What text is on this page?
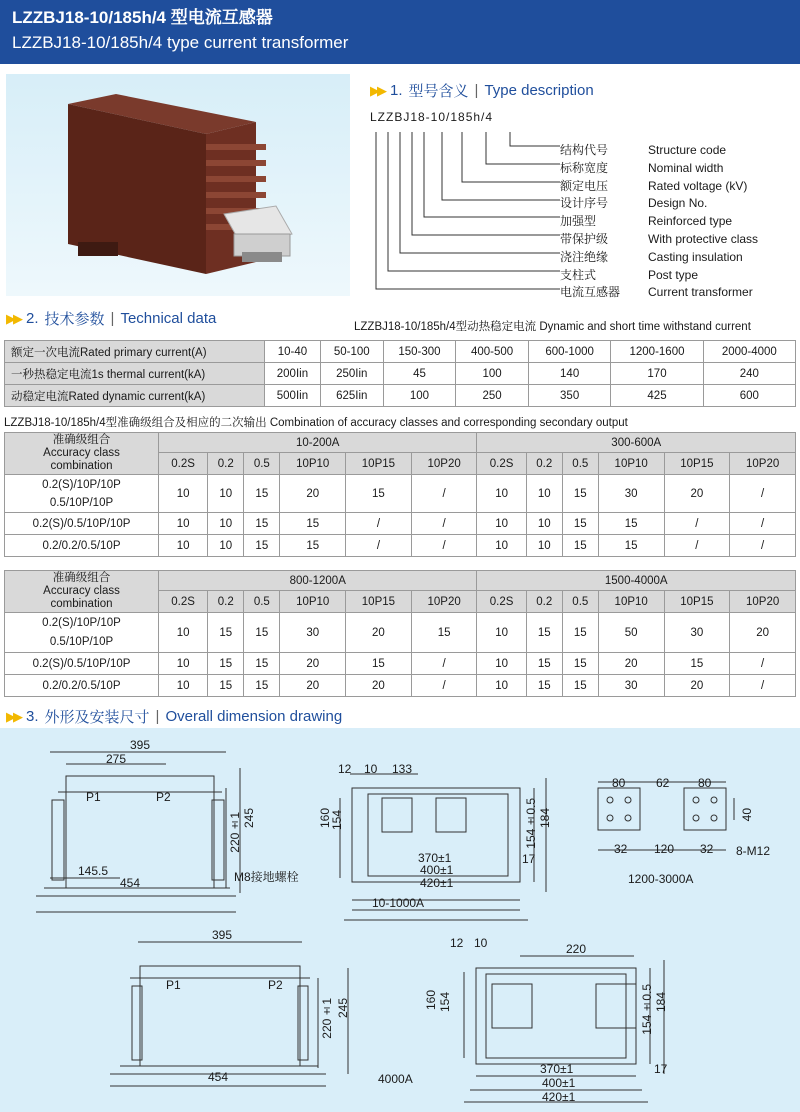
LZZBJ18-10/185h/4 型电流互感器
LZZBJ18-10/185h/4 type current transformer
▶▶ 1. 型号含义 | Type description
LZZBJ18-10/185h/4
结构代号	Structure code
标称宽度	Nominal width
额定电压	Rated voltage (kV)
设计序号	Design No.
加强型	Reinforced type
带保护级	With protective class
浇注绝缘	Casting insulation
支柱式	Post type
电流互感器	Current transformer
▶▶ 2. 技术参数 | Technical data	LZZBJ18-10/185h/4型动热稳定电流 Dynamic and short time withstand current
额定一次电流Rated primary current(A)	10-40	50-100	150-300	400-500	600-1000	1200-1600	2000-4000
一秒热稳定电流1s thermal current(kA)	200Iin	250Iin	45	100	140	170	240
动稳定电流Rated dynamic current(kA)	500Iin	625Iin	100	250	350	425	600
LZZBJ18-10/185h/4型准确级组合及相应的二次输出 Combination of accuracy classes and corresponding secondary output
准确级组合
Accuracy class
combination	10-200A						300-600A					
	0.2S	0.2	0.5	10P10	10P15	10P20	0.2S	0.2	0.5	10P10	10P15	10P20

0.2(S)/10P/10P
0.5/10P/10P	10	10	15	20	15	/	10	10	15	30	20	/
0.2(S)/0.5/10P/10P	10	10	15	15	/	/	10	10	15	15	/	/
0.2/0.2/0.5/10P	10	10	15	15	/	/	10	10	15	15	/	/
准确级组合
Accuracy class
combination	800-1200A						1500-4000A					
	0.2S	0.2	0.5	10P10	10P15	10P20	0.2S	0.2	0.5	10P10	10P15	10P20

0.2(S)/10P/10P
0.5/10P/10P	10	15	15	30	20	15	10	15	15	50	30	20
0.2(S)/0.5/10P/10P	10	15	15	20	15	/	10	15	15	20	15	/
0.2/0.2/0.5/10P	10	15	15	20	20	/	10	15	15	30	20	/
▶▶ 3. 外形及安装尺寸 | Overall dimension drawing
395
275
P1	P2
220±1 245
145.5
454	M8接地螺栓
12 10 133
160
154	154±0.5 184
370±1
400±1
420±1
17
10-1000A
80	62 80
40
32 120 32 8-M12
1200-3000A
395
P1	P2
220±1 245
454	4000A
12 10	220
160 154	154±0.5 184
370±1
400±1
420±1
17
